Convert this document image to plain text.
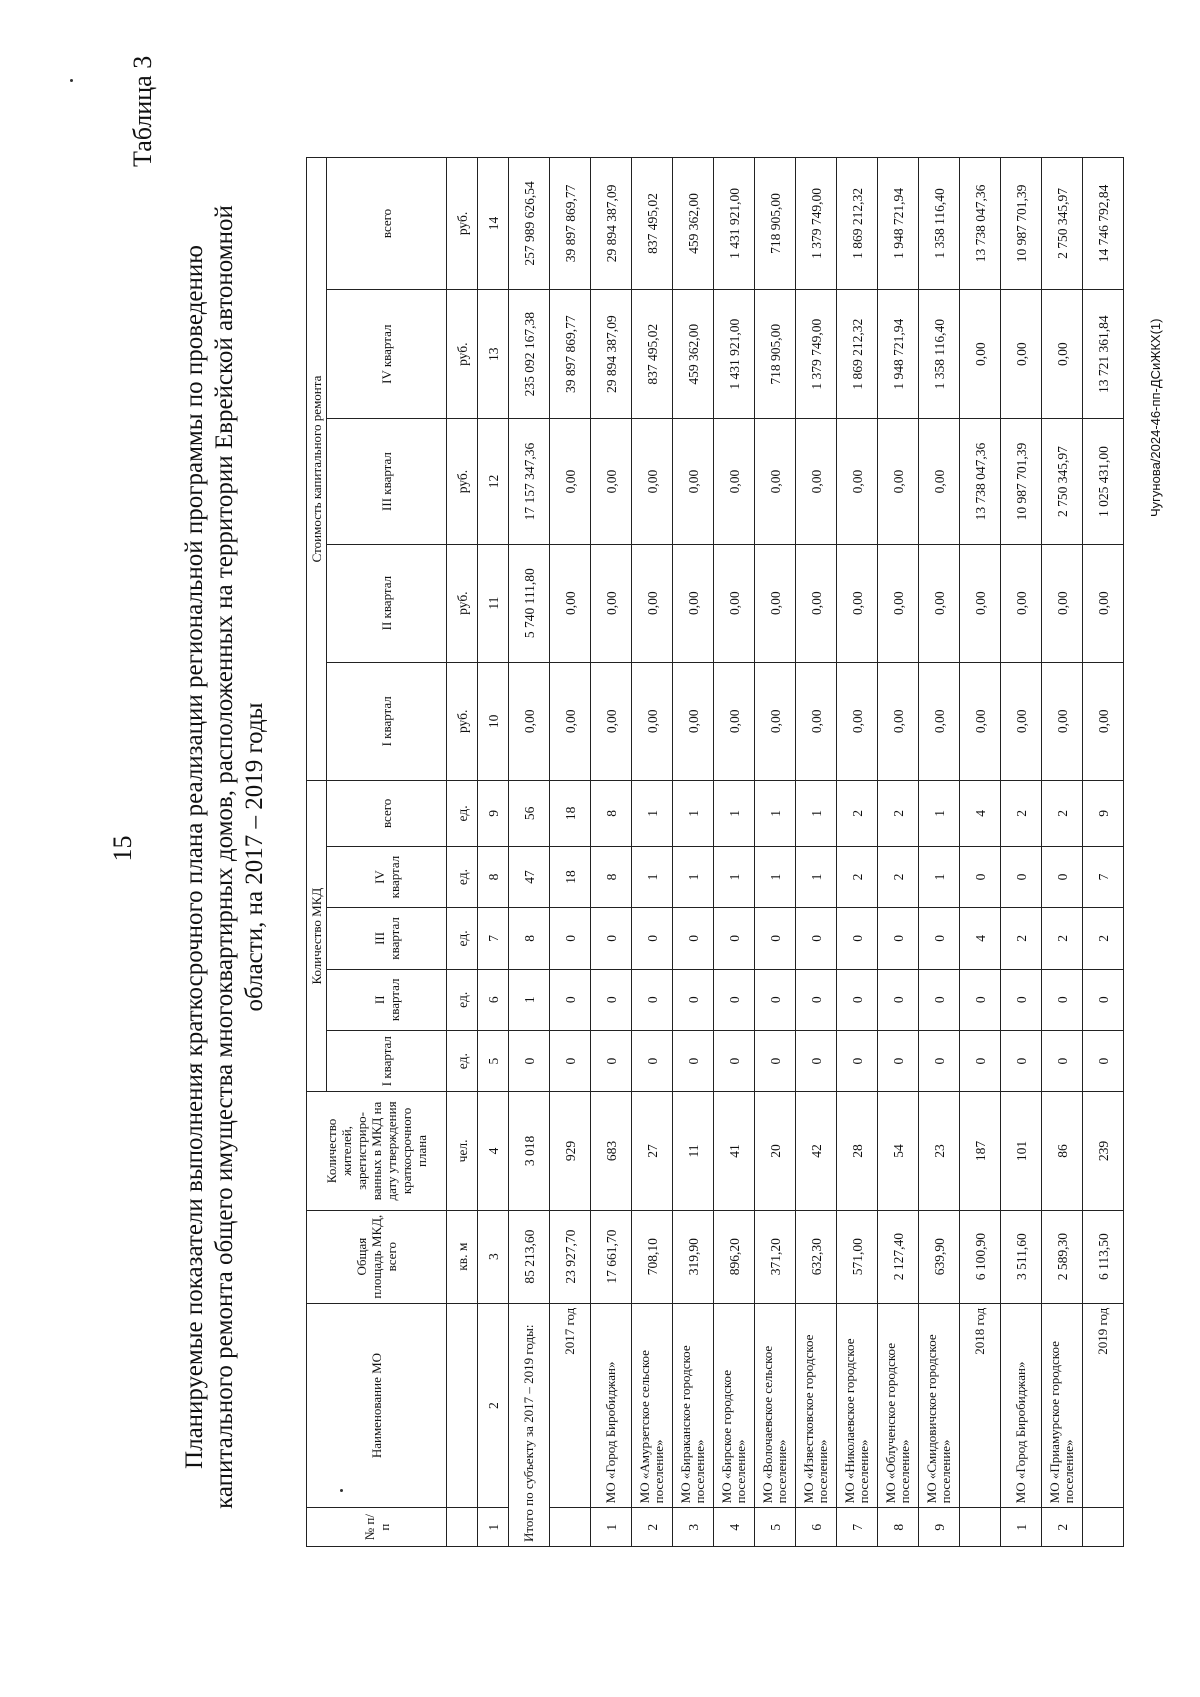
15
Таблица 3
Планируемые показатели выполнения краткосрочного плана реализации региональной программы по проведению капитального ремонта общего имущества многоквартирных домов, расположенных на территории Еврейской автономной области, на 2017 – 2019 годы
№ п/п	Наименование МО	Общая площадь МКД, всего	Количество жителей, зарегистриро-ванных в МКД на дату утверждения краткосрочного плана	Количество МКД					Стоимость капитального ремонта				
				I квартал	II квартал	III квартал	IV квартал	всего	I квартал	II квартал	III квартал	IV квартал	всего
		кв. м	чел.	ед.	ед.	ед.	ед.	ед.	руб.	руб.	руб.	руб.	руб.
1	2	3	4	5	6	7	8	9	10	11	12	13	14
Итого по субъекту за 2017 – 2019 годы:		85 213,60	3 018	0	1	8	47	56	0,00	5 740 111,80	17 157 347,36	235 092 167,38	257 989 626,54
	2017 год	23 927,70	929	0	0	0	18	18	0,00	0,00	0,00	39 897 869,77	39 897 869,77
1	МО «Город Биробиджан»	17 661,70	683	0	0	0	8	8	0,00	0,00	0,00	29 894 387,09	29 894 387,09
2	МО «Амурзетское сельское поселение»	708,10	27	0	0	0	1	1	0,00	0,00	0,00	837 495,02	837 495,02
3	МО «Бираканское городское поселение»	319,90	11	0	0	0	1	1	0,00	0,00	0,00	459 362,00	459 362,00
4	МО «Бирское городское поселение»	896,20	41	0	0	0	1	1	0,00	0,00	0,00	1 431 921,00	1 431 921,00
5	МО «Волочаевское сельское поселение»	371,20	20	0	0	0	1	1	0,00	0,00	0,00	718 905,00	718 905,00
6	МО «Известковское городское поселение»	632,30	42	0	0	0	1	1	0,00	0,00	0,00	1 379 749,00	1 379 749,00
7	МО «Николаевское городское поселение»	571,00	28	0	0	0	2	2	0,00	0,00	0,00	1 869 212,32	1 869 212,32
8	МО «Облученское городское поселение»	2 127,40	54	0	0	0	2	2	0,00	0,00	0,00	1 948 721,94	1 948 721,94
9	МО «Смидовичское городское поселение»	639,90	23	0	0	0	1	1	0,00	0,00	0,00	1 358 116,40	1 358 116,40
	2018 год	6 100,90	187	0	0	4	0	4	0,00	0,00	13 738 047,36	0,00	13 738 047,36
1	МО «Город Биробиджан»	3 511,60	101	0	0	2	0	2	0,00	0,00	10 987 701,39	0,00	10 987 701,39
2	МО «Приамурское городское поселение»	2 589,30	86	0	0	2	0	2	0,00	0,00	2 750 345,97	0,00	2 750 345,97
	2019 год	6 113,50	239	0	0	2	7	9	0,00	0,00	1 025 431,00	13 721 361,84	14 746 792,84
Чугунова/2024-46-пп-ДСиЖКХ(1)
